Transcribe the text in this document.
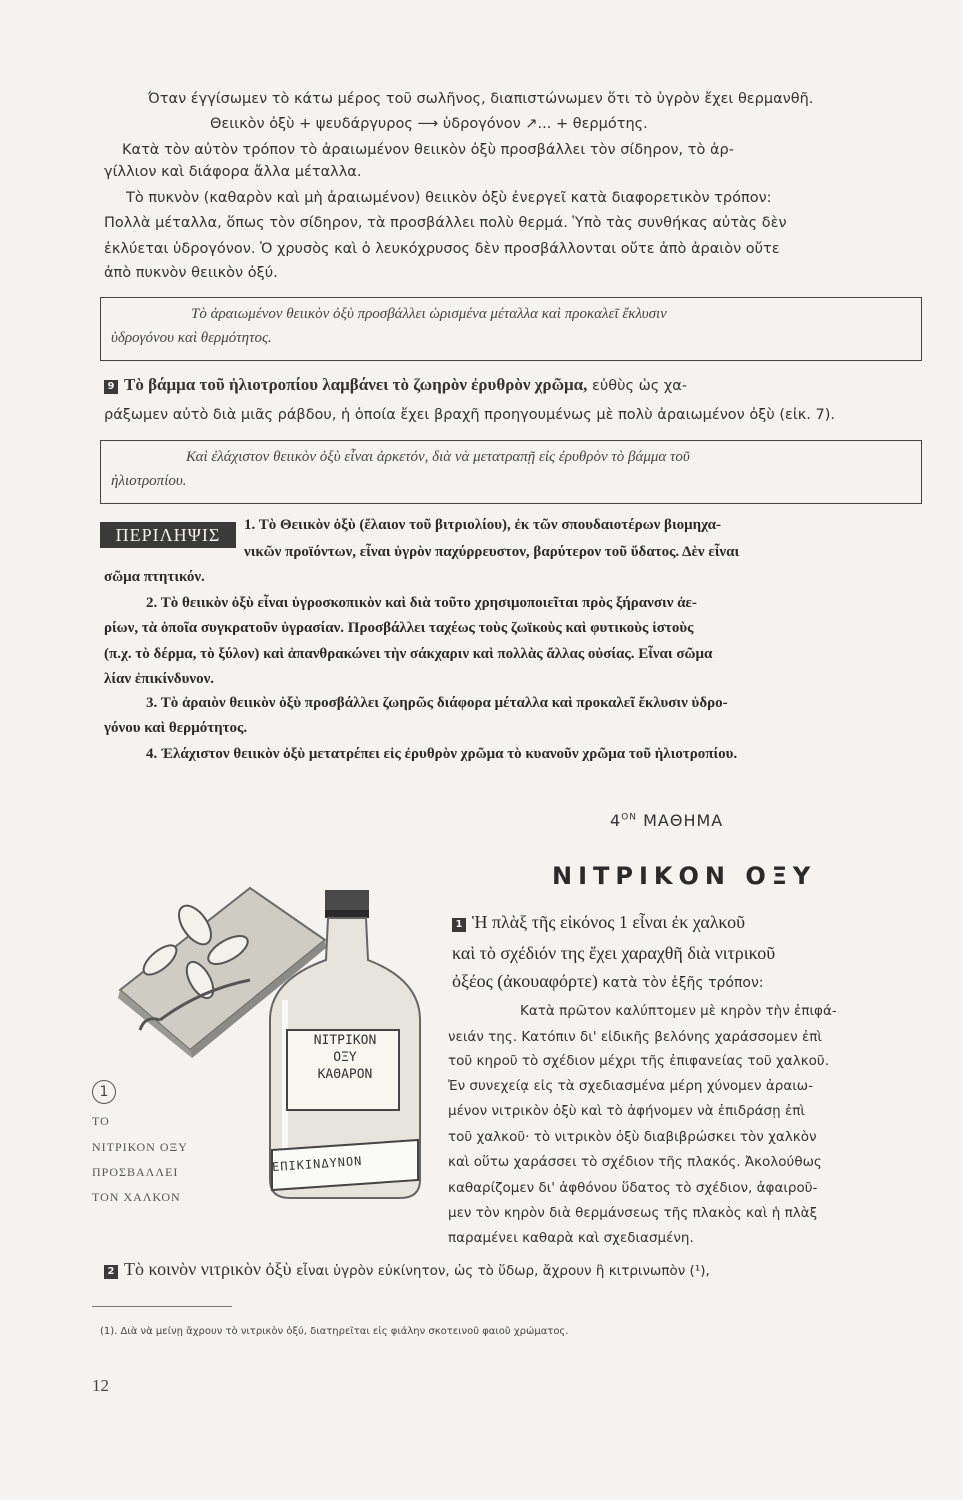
Όταν έγγίσωμεν τὸ κάτω μέρος τοῦ σωλῆνος, διαπιστώνωμεν ὅτι τὸ ὑγρὸν ἔχει θερμανθῆ.

Θειικὸν ὀξὺ + ψευδάργυρος ⟶ ὑδρογόνον ↗... + θερμότης.

Κατὰ τὸν αὐτὸν τρόπον τὸ ἀραιωμένον θειικὸν ὀξὺ προσβάλλει τὸν σίδηρον, τὸ ἀρ-

γίλλιον καὶ διάφορα ἄλλα μέταλλα.

Τὸ πυκνὸν (καθαρὸν καὶ μὴ ἀραιωμένον) θειικὸν ὀξὺ ἐνεργεῖ κατὰ διαφορετικὸν τρόπον:

Πολλὰ μέταλλα, ὅπως τὸν σίδηρον, τὰ προσβάλλει πολὺ θερμά. Ὑπὸ τὰς συνθήκας αὐτὰς δὲν

ἐκλύεται ὑδρογόνον. Ὁ χρυσὸς καὶ ὁ λευκόχρυσος δὲν προσβάλλονται οὔτε ἀπὸ ἀραιὸν οὔτε

ἀπὸ πυκνὸν θειικὸν ὀξύ.

Τὸ ἀραιωμένον θειικὸν ὀξὺ προσβάλλει ὡρισμένα μέταλλα καὶ προκαλεῖ ἔκλυσιν
ὑδρογόνου καὶ θερμότητος.

9 Τὸ βάμμα τοῦ ἡλιοτροπίου λαμβάνει τὸ ζωηρὸν ἐρυθρὸν χρῶμα, εὐθὺς ὡς χα-

ράξωμεν αὐτὸ διὰ μιᾶς ράβδου, ἡ ὁποία ἔχει βραχῆ προηγουμένως μὲ πολὺ ἀραιωμένον ὀξὺ (εἰκ. 7).

Καὶ ἐλάχιστον θειικὸν ὀξὺ εἶναι ἀρκετόν, διὰ νὰ μετατραπῇ εἰς ἐρυθρὸν τὸ βάμμα τοῦ
ἡλιοτροπίου.
ΠΕΡΙΛΗΨΙΣ	1. Τὸ Θειικὸν ὀξὺ (ἔλαιον τοῦ βιτριολίου), ἐκ τῶν σπουδαιοτέρων βιομηχα-

νικῶν προϊόντων, εἶναι ὑγρὸν παχύρρευστον, βαρύτερον τοῦ ὕδατος. Δὲν εἶναι

σῶμα πτητικόν.

2. Τὸ θειικὸν ὀξὺ εἶναι ὑγροσκοπικὸν καὶ διὰ τοῦτο χρησιμοποιεῖται πρὸς ξήρανσιν ἀε-

ρίων, τὰ ὁποῖα συγκρατοῦν ὑγρασίαν. Προσβάλλει ταχέως τοὺς ζωϊκοὺς καὶ φυτικοὺς ἱστοὺς

(π.χ. τὸ δέρμα, τὸ ξύλον) καὶ ἀπανθρακώνει τὴν σάκχαριν καὶ πολλὰς ἄλλας οὐσίας. Εἶναι σῶμα

λίαν ἐπικίνδυνον.

3. Τὸ ἀραιὸν θειικὸν ὀξὺ προσβάλλει ζωηρῶς διάφορα μέταλλα καὶ προκαλεῖ ἔκλυσιν ὑδρο-

γόνου καὶ θερμότητος.

4. Ἐλάχιστον θειικὸν ὀξὺ μετατρέπει εἰς ἐρυθρὸν χρῶμα τὸ κυανοῦν χρῶμα τοῦ ἡλιοτροπίου.

$4^{ON}$ ΜΑΘΗΜΑ
ΝΙΤΡΙΚΟΝ ΟΞΥ
ΝΙΤΡΙΚΟΝ
ΟΞΥ
ΚΑΘΑΡΟΝ
ΕΠΙΚΙΝΔΥΝΟΝ
1
ΤΟ
ΝΙΤΡΙΚΟΝ ΟΞΥ
ΠΡΟΣΒΑΛΛΕΙ
ΤΟΝ ΧΑΛΚΟΝ

1 Ἡ πλὰξ τῆς εἰκόνος 1 εἶναι ἐκ χαλκοῦ

καὶ τὸ σχέδιόν της ἔχει χαραχθῆ διὰ νιτρικοῦ

ὀξέος (ἀκουαφόρτε) κατὰ τὸν ἑξῆς τρόπον:

Κατὰ πρῶτον καλύπτομεν μὲ κηρὸν τὴν ἐπιφά-

νειάν της. Κατόπιν δι' εἰδικῆς βελόνης χαράσσομεν ἐπὶ

τοῦ κηροῦ τὸ σχέδιον μέχρι τῆς ἐπιφανείας τοῦ χαλκοῦ.

Ἐν συνεχείᾳ εἰς τὰ σχεδιασμένα μέρη χύνομεν ἀραιω-

μένον νιτρικὸν ὀξὺ καὶ τὸ ἀφήνομεν νὰ ἐπιδράσῃ ἐπὶ

τοῦ χαλκοῦ· τὸ νιτρικὸν ὀξὺ διαβιβρώσκει τὸν χαλκὸν

καὶ οὕτω χαράσσει τὸ σχέδιον τῆς πλακός. Ἀκολούθως

καθαρίζομεν δι' ἀφθόνου ὕδατος τὸ σχέδιον, ἀφαιροῦ-

μεν τὸν κηρὸν διὰ θερμάνσεως τῆς πλακὸς καὶ ἡ πλὰξ

παραμένει καθαρὰ καὶ σχεδιασμένη.

2 Τὸ κοινὸν νιτρικὸν ὀξὺ εἶναι ὑγρὸν εὐκίνητον, ὡς τὸ ὕδωρ, ἄχρουν ἢ κιτρινωπὸν (¹),

(1). Διὰ νὰ μείνῃ ἄχρουν τὸ νιτρικὸν ὀξύ, διατηρεῖται εἰς φιάλην σκοτεινοῦ φαιοῦ χρώματος.
12
